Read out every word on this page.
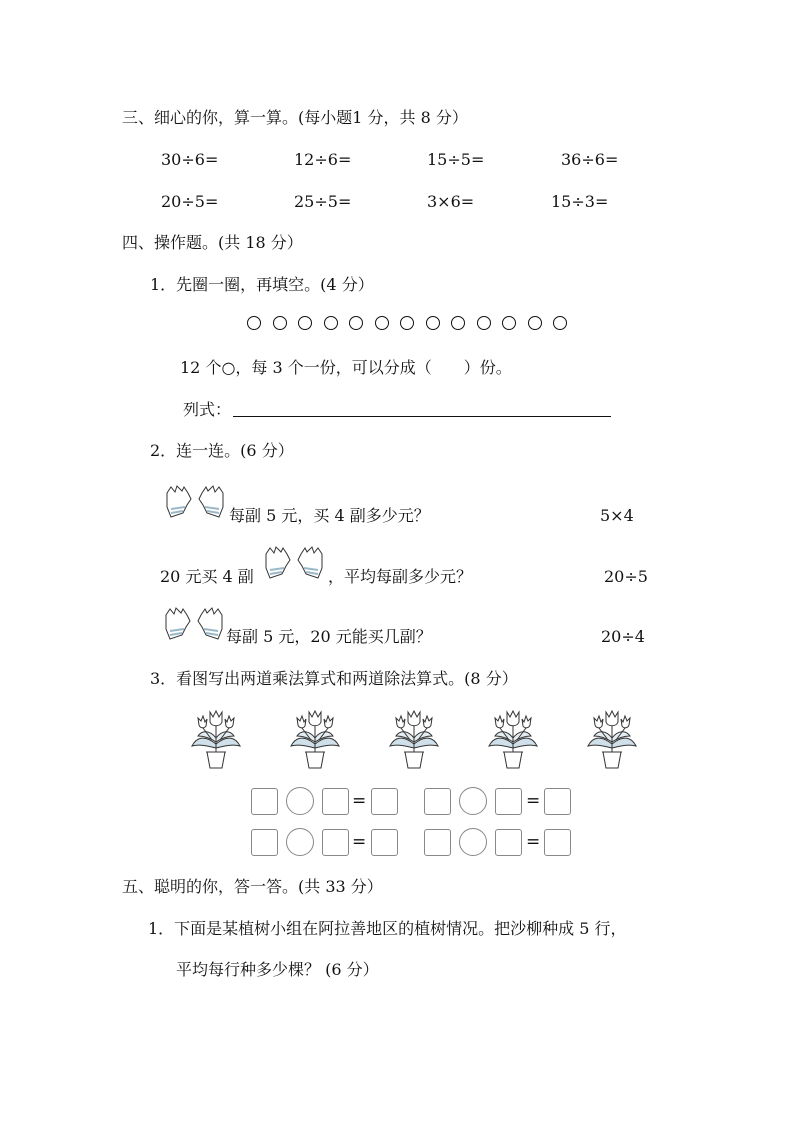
三、细心的你，算一算。(每小题1 分，共 8 分）
30÷6=	12÷6=	15÷5=	36÷6=
20÷5=	25÷5=	3×6=	15÷3=
四、操作题。(共 18 分）
1．先圈一圈，再填空。(4 分）
12 个○，每 3 个一份，可以分成（　　）份。
列式：
2．连一连。(6 分）
每副 5 元，买 4 副多少元？	5×4
20 元买 4 副	，平均每副多少元？	20÷5
每副 5 元，20 元能买几副？	20÷4
3．看图写出两道乘法算式和两道除法算式。(8 分）
=	=
=	=
五、聪明的你，答一答。(共 33 分）
1．下面是某植树小组在阿拉善地区的植树情况。把沙柳种成 5 行，
平均每行种多少棵？ (6 分）
